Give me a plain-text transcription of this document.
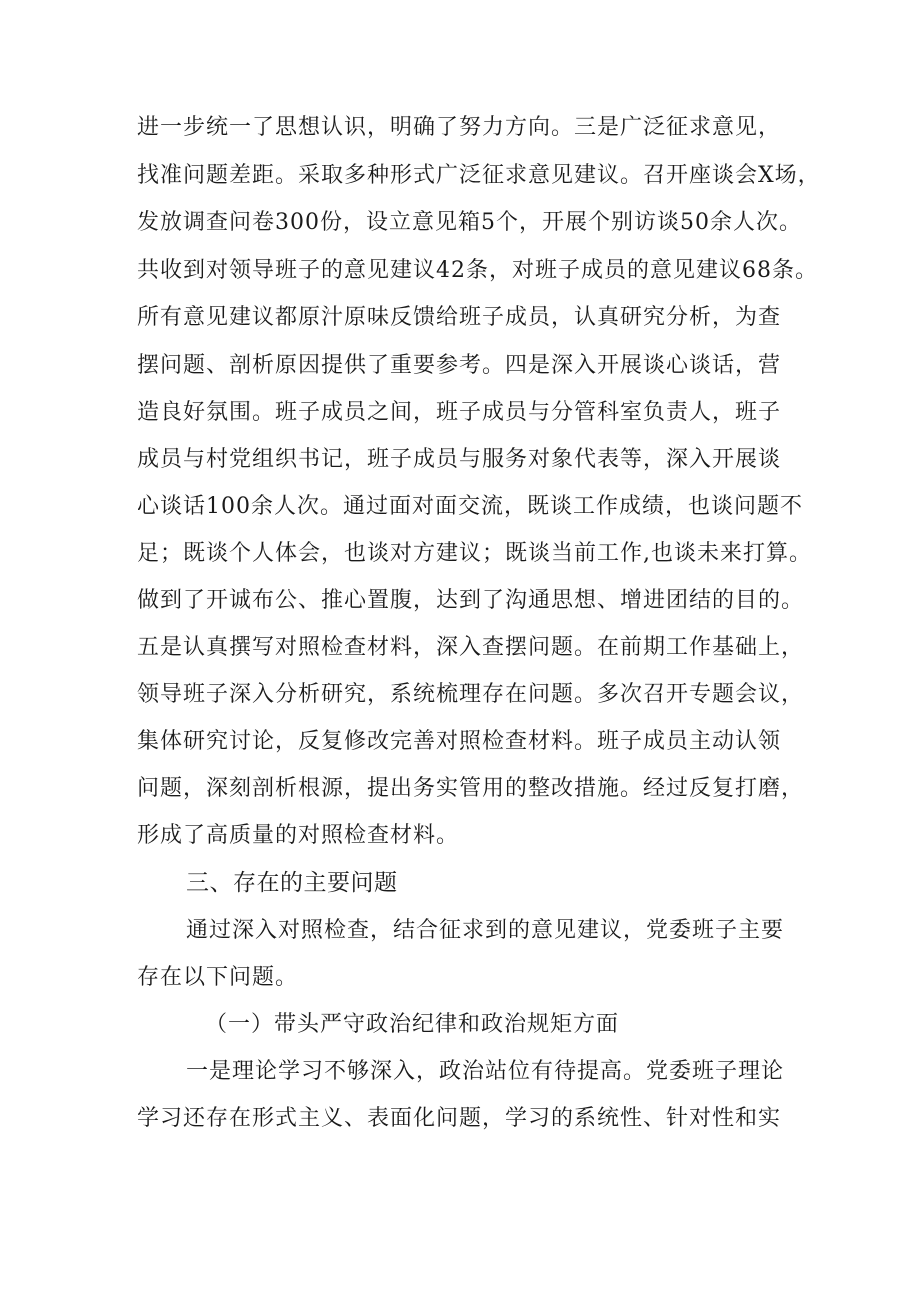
进一步统一了思想认识，明确了努力方向。三是广泛征求意见，
找准问题差距。采取多种形式广泛征求意见建议。召开座谈会X场，
发放调查问卷300份，设立意见箱5个，开展个别访谈50余人次。
共收到对领导班子的意见建议42条，对班子成员的意见建议68条。
所有意见建议都原汁原味反馈给班子成员，认真研究分析，为查
摆问题、剖析原因提供了重要参考。四是深入开展谈心谈话，营
造良好氛围。班子成员之间，班子成员与分管科室负责人，班子
成员与村党组织书记，班子成员与服务对象代表等，深入开展谈
心谈话100余人次。通过面对面交流，既谈工作成绩，也谈问题不
足；既谈个人体会，也谈对方建议；既谈当前工作,也谈未来打算。
做到了开诚布公、推心置腹，达到了沟通思想、增进团结的目的。
五是认真撰写对照检查材料，深入查摆问题。在前期工作基础上，
领导班子深入分析研究，系统梳理存在问题。多次召开专题会议，
集体研究讨论，反复修改完善对照检查材料。班子成员主动认领
问题，深刻剖析根源，提出务实管用的整改措施。经过反复打磨，
形成了高质量的对照检查材料。
三、存在的主要问题
通过深入对照检查，结合征求到的意见建议，党委班子主要
存在以下问题。
（一）带头严守政治纪律和政治规矩方面
一是理论学习不够深入，政治站位有待提高。党委班子理论
学习还存在形式主义、表面化问题，学习的系统性、针对性和实
